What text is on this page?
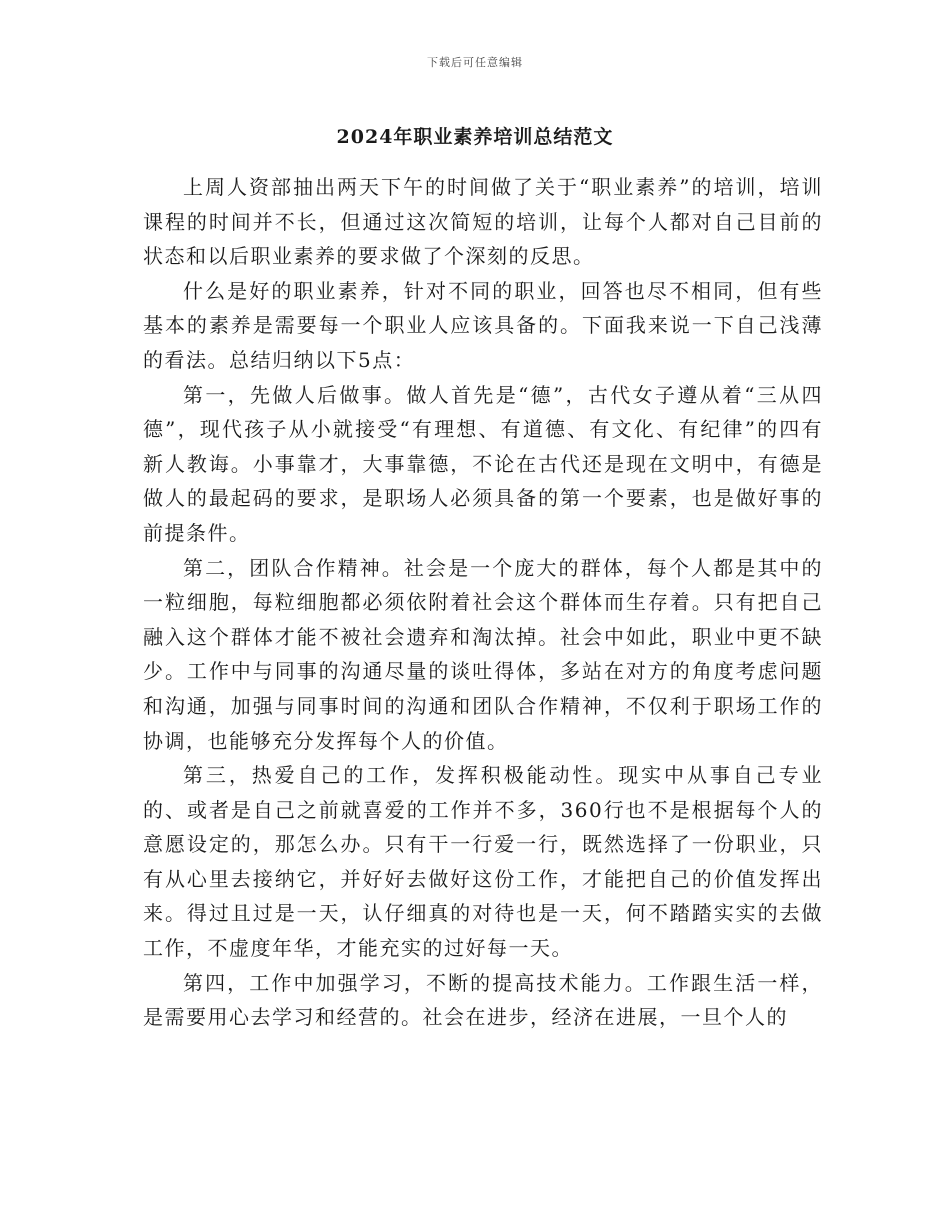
下载后可任意编辑
2024年职业素养培训总结范文

上周人资部抽出两天下午的时间做了关于“职业素养”的培训，培训课程的时间并不长，但通过这次简短的培训，让每个人都对自己目前的状态和以后职业素养的要求做了个深刻的反思。

什么是好的职业素养，针对不同的职业，回答也尽不相同，但有些基本的素养是需要每一个职业人应该具备的。下面我来说一下自己浅薄的看法。总结归纳以下5点：

第一，先做人后做事。做人首先是“德”，古代女子遵从着“三从四德”，现代孩子从小就接受“有理想、有道德、有文化、有纪律”的四有新人教诲。小事靠才，大事靠德，不论在古代还是现在文明中，有德是做人的最起码的要求，是职场人必须具备的第一个要素，也是做好事的前提条件。

第二，团队合作精神。社会是一个庞大的群体，每个人都是其中的一粒细胞，每粒细胞都必须依附着社会这个群体而生存着。只有把自己融入这个群体才能不被社会遗弃和淘汰掉。社会中如此，职业中更不缺少。工作中与同事的沟通尽量的谈吐得体，多站在对方的角度考虑问题和沟通，加强与同事时间的沟通和团队合作精神，不仅利于职场工作的协调，也能够充分发挥每个人的价值。

第三，热爱自己的工作，发挥积极能动性。现实中从事自己专业的、或者是自己之前就喜爱的工作并不多，360行也不是根据每个人的意愿设定的，那怎么办。只有干一行爱一行，既然选择了一份职业，只有从心里去接纳它，并好好去做好这份工作，才能把自己的价值发挥出来。得过且过是一天，认仔细真的对待也是一天，何不踏踏实实的去做工作，不虚度年华，才能充实的过好每一天。

第四，工作中加强学习，不断的提高技术能力。工作跟生活一样，是需要用心去学习和经营的。社会在进步，经济在进展，一旦个人的
